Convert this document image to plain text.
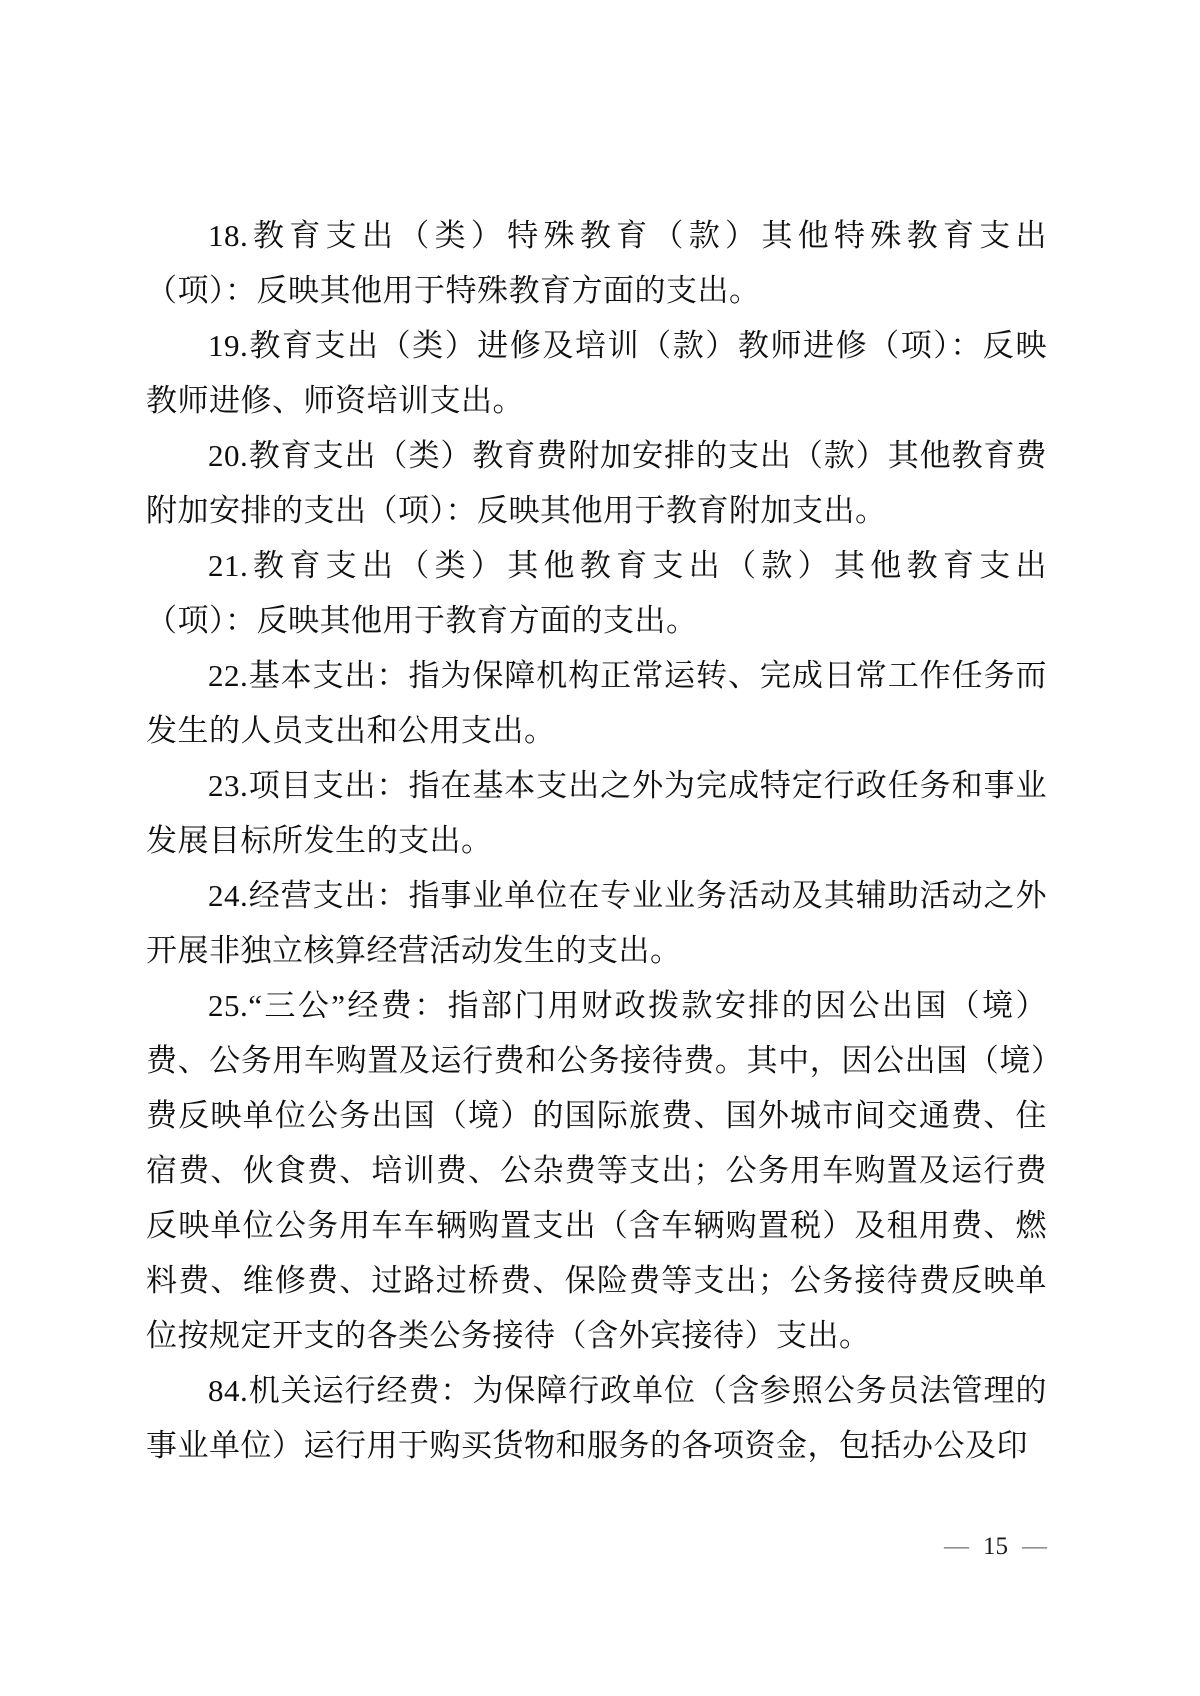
18.教育支出（类）特殊教育（款）其他特殊教育支出（项）：反映其他用于特殊教育方面的支出。

19.教育支出（类）进修及培训（款）教师进修（项）：反映教师进修、师资培训支出。

20.教育支出（类）教育费附加安排的支出（款）其他教育费附加安排的支出（项）：反映其他用于教育附加支出。

21.教育支出（类）其他教育支出（款）其他教育支出（项）：反映其他用于教育方面的支出。

22.基本支出：指为保障机构正常运转、完成日常工作任务而发生的人员支出和公用支出。

23.项目支出：指在基本支出之外为完成特定行政任务和事业发展目标所发生的支出。

24.经营支出：指事业单位在专业业务活动及其辅助活动之外开展非独立核算经营活动发生的支出。

25.“三公”经费：指部门用财政拨款安排的因公出国（境）费、公务用车购置及运行费和公务接待费。其中，因公出国（境）费反映单位公务出国（境）的国际旅费、国外城市间交通费、住宿费、伙食费、培训费、公杂费等支出；公务用车购置及运行费反映单位公务用车车辆购置支出（含车辆购置税）及租用费、燃料费、维修费、过路过桥费、保险费等支出；公务接待费反映单位按规定开支的各类公务接待（含外宾接待）支出。

84.机关运行经费：为保障行政单位（含参照公务员法管理的事业单位）运行用于购买货物和服务的各项资金，包括办公及印

— 15 —
